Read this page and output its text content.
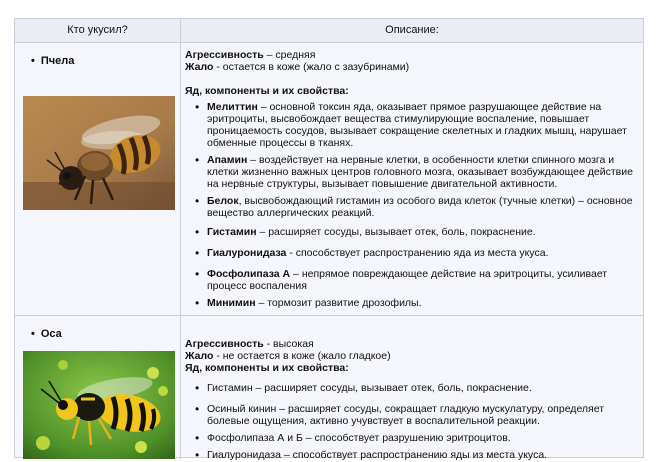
Кто укусил?	Описание:
• Пчела	Агрессивность – средняя

Жало - остается в коже (жало с зазубринами)

Яд, компоненты и их свойства:

• Мелиттин – основной токсин яда, оказывает прямое разрушающее действие на эритроциты, высвобождает вещества стимулирующие воспаление, повышает проницаемость сосудов, вызывает сокращение скелетных и гладких мышц, нарушает обменные процессы в тканях.
• Апамин – воздействует на нервные клетки, в особенности клетки спинного мозга и клетки жизненно важных центров головного мозга, оказывает возбуждающее действие на нервные структуры, вызывает повышение двигательной активности.
• Белок, высвобождающий гистамин из особого вида клеток (тучные клетки) – основное вещество аллергических реакций.
• Гистамин – расширяет сосуды, вызывает отек, боль, покраснение.
• Гиалуронидаза - способствует распространению яда из места укуса.
• Фосфолипаза А – непрямое повреждающее действие на эритроциты, усиливает процесс воспаления
• Минимин – тормозит развитие дрозофилы.
• Оса

Агрессивность - высокая

Жало - не остается в коже (жало гладкое)

Яд, компоненты и их свойства:

• Гистамин – расширяет сосуды, вызывает отек, боль, покраснение.
• Осиный кинин – расширяет сосуды, сокращает гладкую мускулатуру, определяет болевые ощущения, активно учувствует в воспалительной реакции.
• Фосфолипаза А и Б – способствует разрушению эритроцитов.
• Гиалуронидаза – способствует распространению яды из места укуса.
